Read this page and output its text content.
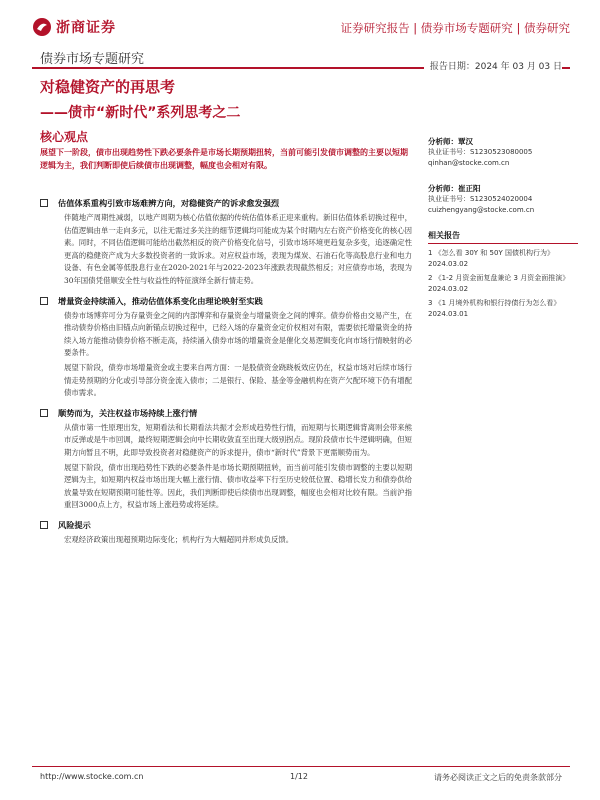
浙商证券	证券研究报告 | 债券市场专题研究 | 债券研究
债券市场专题研究	报告日期：2024 年 03 月 03 日
对稳健资产的再思考
——债市“新时代”系列思考之二
核心观点
展望下一阶段，债市出现趋势性下跌必要条件是市场长期预期扭转，当前可能引发债市调整的主要以短期逻辑为主，我们判断即使后续债市出现调整，幅度也会相对有限。
估值体系重构引致市场难辨方向，对稳健资产的诉求愈发强烈

伴随地产周期性减弱，以地产周期为核心估值依据的传统估值体系正迎来重构。新旧估值体系切换过程中，估值逻辑由单一走向多元，以往无需过多关注的细节逻辑均可能成为某个时期内左右资产价格变化的核心因素。同时，不同估值逻辑可能给出截然相反的资产价格变化信号，引致市场环境更趋复杂多变，追逐确定性更高的稳健资产成为大多数投资者的一致诉求。对应权益市场，表现为煤炭、石油石化等高股息行业和电力设备、有色金属等低股息行业在2020-2021年与2022-2023年涨跌表现截然相反；对应债券市场，表现为30年国债凭借顺安全性与收益性的特征演绎全新行情走势。

增量资金持续涌入，推动估值体系变化由理论映射至实践

债券市场博弈可分为存量资金之间的内部博弈和存量资金与增量资金之间的博弈。债券价格由交易产生，在推动债券价格由旧锚点向新锚点切换过程中，已经入场的存量资金定价权相对有限，需要依托增量资金的持续入场方能推动债券价格不断走高，持续涌入债券市场的增量资金是催化交易逻辑变化向市场行情映射的必要条件。

展望下阶段，债券市场增量资金或主要来自两方面：一是股债资金跷跷板效应仍在，权益市场对后续市场行情走势预期的分化或引导部分资金流入债市；二是银行、保险、基金等金融机构在资产欠配环境下仍有增配债市需求。

顺势而为，关注权益市场持续上涨行情

从债市第一性原理出发，短期看法和长期看法共振才会形成趋势性行情，而短期与长期逻辑背离则会带来熊市反弹或是牛市回调，最终短期逻辑会向中长期收敛直至出现大级别拐点。现阶段债市长牛逻辑明确，但短期方向暂且不明，此即导致投资者对稳健资产的诉求提升，债市“新时代”背景下更需顺势而为。

展望下阶段，债市出现趋势性下跌的必要条件是市场长期预期扭转，而当前可能引发债市调整的主要以短期逻辑为主，如短期内权益市场出现大幅上涨行情、债市收益率下行至历史较低位置、稳增长发力和债券供给放量导致在短期预期可能性等。因此，我们判断即使后续债市出现调整，幅度也会相对比较有限。当前沪指重回3000点上方，权益市场上涨趋势或将延续。

风险提示

宏观经济政策出现超预期边际变化；机构行为大幅超同并形成负反馈。

分析师：覃汉
执业证书号：S1230523080005
qinhan@stocke.com.cn
分析师：崔正阳
执业证书号：S1230524020004
cuizhengyang@stocke.com.cn
相关报告
1 《怎么看 30Y 和 50Y 国债机构行为》2024.03.02
2 《1-2 月资金面复盘兼论 3 月资金面推演》2024.03.02
3 《1 月境外机构和银行持债行为怎么看》2024.03.01
http://www.stocke.com.cn	1/12	请务必阅读正文之后的免责条款部分
